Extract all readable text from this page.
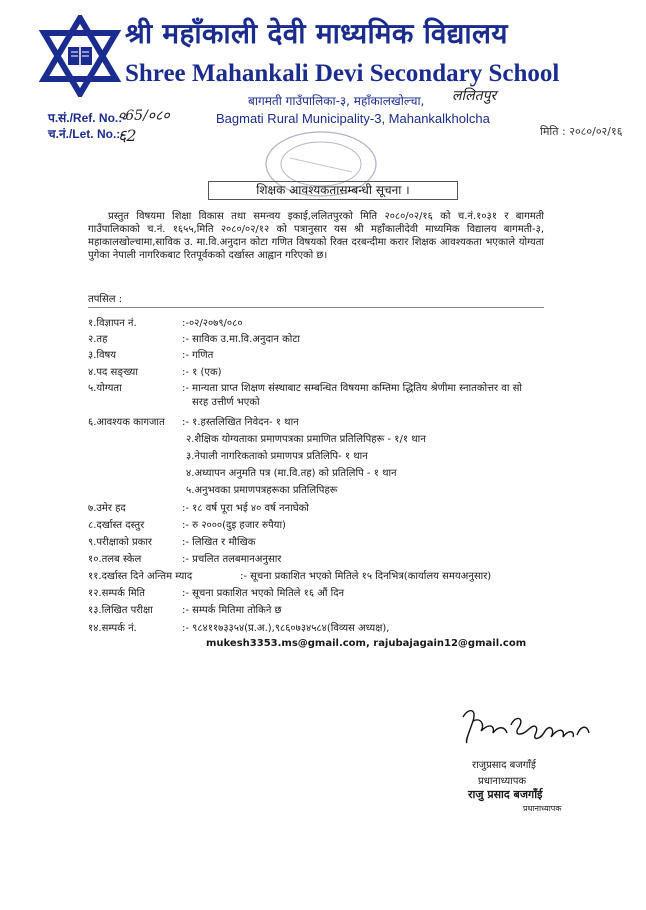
श्री महाँकाली देवी माध्यमिक विद्यालय
Shree Mahankali Devi Secondary School
बागमती गाउँपालिका-३, महाँकालखोल्चा, ललितपुर
Bagmati Rural Municipality-3, Mahankalkholcha
प.सं./Ref. No.:-
०65/०८०
च.नं./Let. No.:-
६2	मिति : २०८०/०२/१६
शिक्षक आवश्यकतासम्बन्धी सूचना ।
प्रस्तुत विषयमा शिक्षा विकास तथा समन्वय इकाई,ललितपुरको मिति २०८०/०२/१६ को च.नं.१०३१ र बागमती गाउँपालिकाको च.नं. १६५५,मिति २०८०/०२/१२ को पत्रानुसार यस श्री महाँकालीदेवी माध्यमिक विद्यालय बागमती-३, महाकालखोल्चामा,साविक उ. मा.वि.अनुदान कोटा गणित विषयको रिक्त दरबन्दीमा करार शिक्षक आवश्यकता भएकाले योग्यता पुगेका नेपाली नागरिकबाट रितपूर्वकको दर्खास्त आह्वान गरिएको छ।
तपसिल :
१.विज्ञापन नं.	:-०२/२०७९/०८०
२.तह	:- साविक उ.मा.वि.अनुदान कोटा
३.विषय	:- गणित
४.पद सङ्ख्या	:- १ (एक)
५.योग्यता	:- मान्यता प्राप्त शिक्षण संस्थाबाट सम्बन्धित विषयमा कम्तिमा द्धितिय श्रेणीमा स्नातकोत्तर वा सो
सरह उत्तीर्ण भएको
६.आवश्यक कागजात :- १.हस्तलिखित निवेदन- १ थान
२.शैक्षिक योग्यताका प्रमाणपत्रका प्रमाणित प्रतिलिपिहरू - १/१ थान
३.नेपाली नागरिकताको प्रमाणपत्र प्रतिलिपि- १ थान
४.अध्यापन अनुमति पत्र (मा.वि.तह) को प्रतिलिपि - १ थान
५.अनुभवका प्रमाणपत्रहरूका प्रतिलिपिहरू
७.उमेर हद	:- १८ वर्ष पूरा भई ४० वर्ष ननाघेको
८.दर्खास्त दस्तुर	:- रु २०००(दुइ हजार रुपैया)
९.परीक्षाको प्रकार	:- लिखित र मौखिक
१०.तलब स्केल	:- प्रचलित तलबमानअनुसार
११.दर्खास्त दिने अन्तिम म्याद	:- सूचना प्रकाशित भएको मितिले १५ दिनभित्र(कार्यालय समयअनुसार)
१२.सम्पर्क मिति	:- सूचना प्रकाशित भएको मितिले १६ औं दिन
१३.लिखित परीक्षा	:- सम्पर्क मितिमा तोकिने छ
१४.सम्पर्क नं.	:- ९८४११७३३५४(प्र.अ.),९८६०७३४५८४(विव्यस अध्यक्ष),
mukesh3353.ms@gmail.com, rajubajagain12@gmail.com
राजुप्रसाद बजगाँई
प्रधानाध्यापक
राजु प्रसाद बजगाँई
प्रधानाध्यापक
